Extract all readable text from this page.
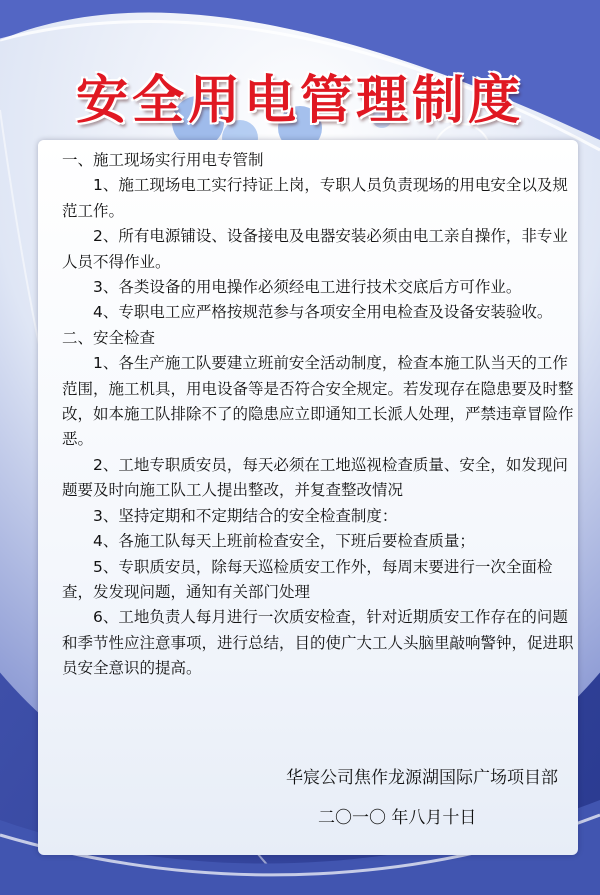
安全用电管理制度

一、施工现场实行用电专管制

1、施工现场电工实行持证上岗，专职人员负责现场的用电安全以及规范工作。

2、所有电源铺设、设备接电及电器安装必须由电工亲自操作，非专业人员不得作业。

3、各类设备的用电操作必须经电工进行技术交底后方可作业。

4、专职电工应严格按规范参与各项安全用电检查及设备安装验收。

二、安全检查

1、各生产施工队要建立班前安全活动制度，检查本施工队当天的工作范围，施工机具，用电设备等是否符合安全规定。若发现存在隐患要及时整改，如本施工队排除不了的隐患应立即通知工长派人处理，严禁违章冒险作恶。

2、工地专职质安员，每天必须在工地巡视检查质量、安全，如发现问题要及时向施工队工人提出整改，并复查整改情况

3、坚持定期和不定期结合的安全检查制度：

4、各施工队每天上班前检查安全，下班后要检查质量；

5、专职质安员，除每天巡检质安工作外，每周末要进行一次全面检查，发发现问题，通知有关部门处理

6、工地负责人每月进行一次质安检查，针对近期质安工作存在的问题和季节性应注意事项，进行总结，目的使广大工人头脑里敲响警钟，促进职员安全意识的提高。

华宸公司焦作龙源湖国际广场项目部
二〇一〇 年八月十日
